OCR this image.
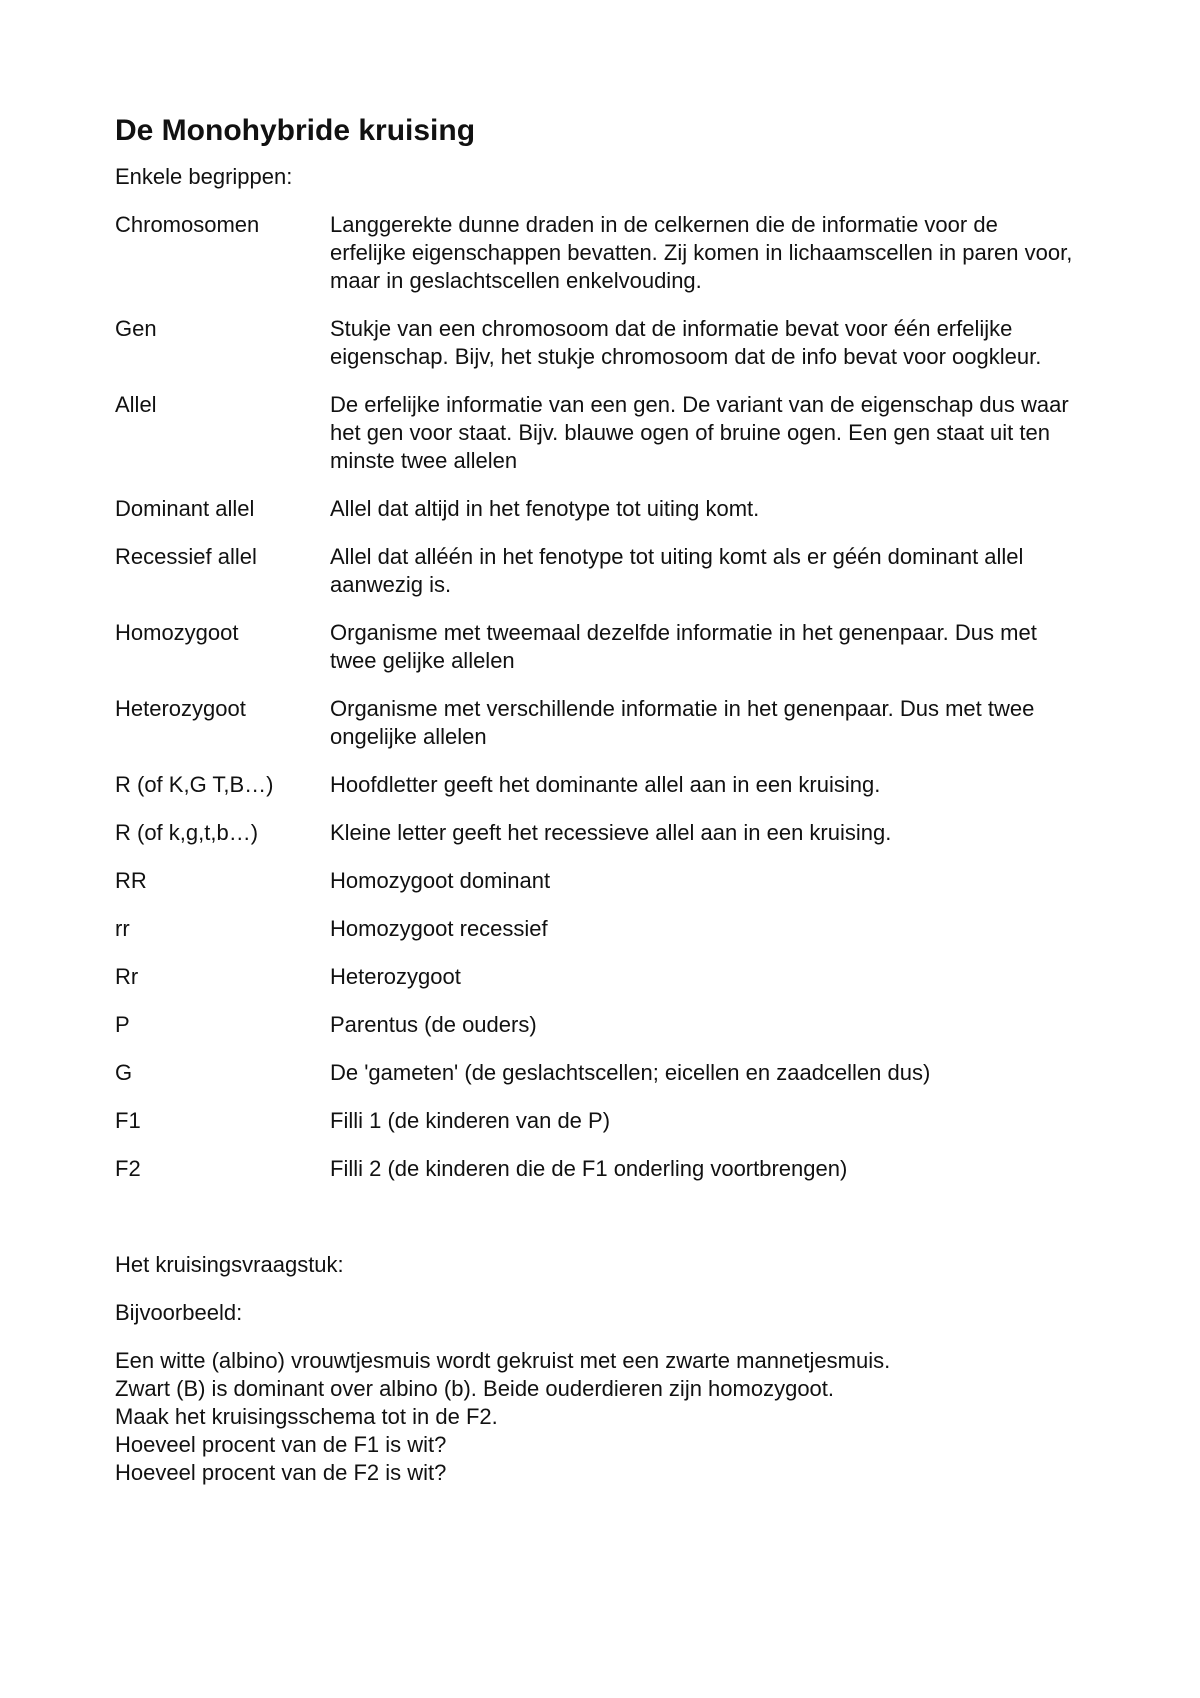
De Monohybride kruising

Enkele begrippen:

Chromosomen	Langgerekte dunne draden in de celkernen die de informatie voor de erfelijke eigenschappen bevatten. Zij komen in lichaamscellen in paren voor, maar in geslachtscellen enkelvouding.
Gen	Stukje van een chromosoom dat de informatie bevat voor één erfelijke eigenschap. Bijv, het stukje chromosoom dat de info bevat voor oogkleur.
Allel	De erfelijke informatie van een gen. De variant van de eigenschap dus waar het gen voor staat. Bijv. blauwe ogen of bruine ogen. Een gen staat uit ten minste twee allelen
Dominant allel	Allel dat altijd in het fenotype tot uiting komt.
Recessief allel	Allel dat alléén in het fenotype tot uiting komt als er géén dominant allel aanwezig is.
Homozygoot	Organisme met tweemaal dezelfde informatie in het genenpaar. Dus met twee gelijke allelen
Heterozygoot	Organisme met verschillende informatie in het genenpaar. Dus met twee ongelijke allelen
R (of K,G T,B…)	Hoofdletter geeft het dominante allel aan in een kruising.
R (of k,g,t,b…)	Kleine letter geeft het recessieve allel aan in een kruising.
RR	Homozygoot dominant
rr	Homozygoot recessief
Rr	Heterozygoot
P	Parentus (de ouders)
G	De 'gameten' (de geslachtscellen; eicellen en zaadcellen dus)
F1	Filli 1 (de kinderen van de P)
F2	Filli 2 (de kinderen die de F1 onderling voortbrengen)

Het kruisingsvraagstuk:

Bijvoorbeeld:

Een witte (albino) vrouwtjesmuis wordt gekruist met een zwarte mannetjesmuis.
Zwart (B) is dominant over albino (b). Beide ouderdieren zijn homozygoot.
Maak het kruisingsschema tot in de F2.
Hoeveel procent van de F1 is wit?
Hoeveel procent van de F2 is wit?
